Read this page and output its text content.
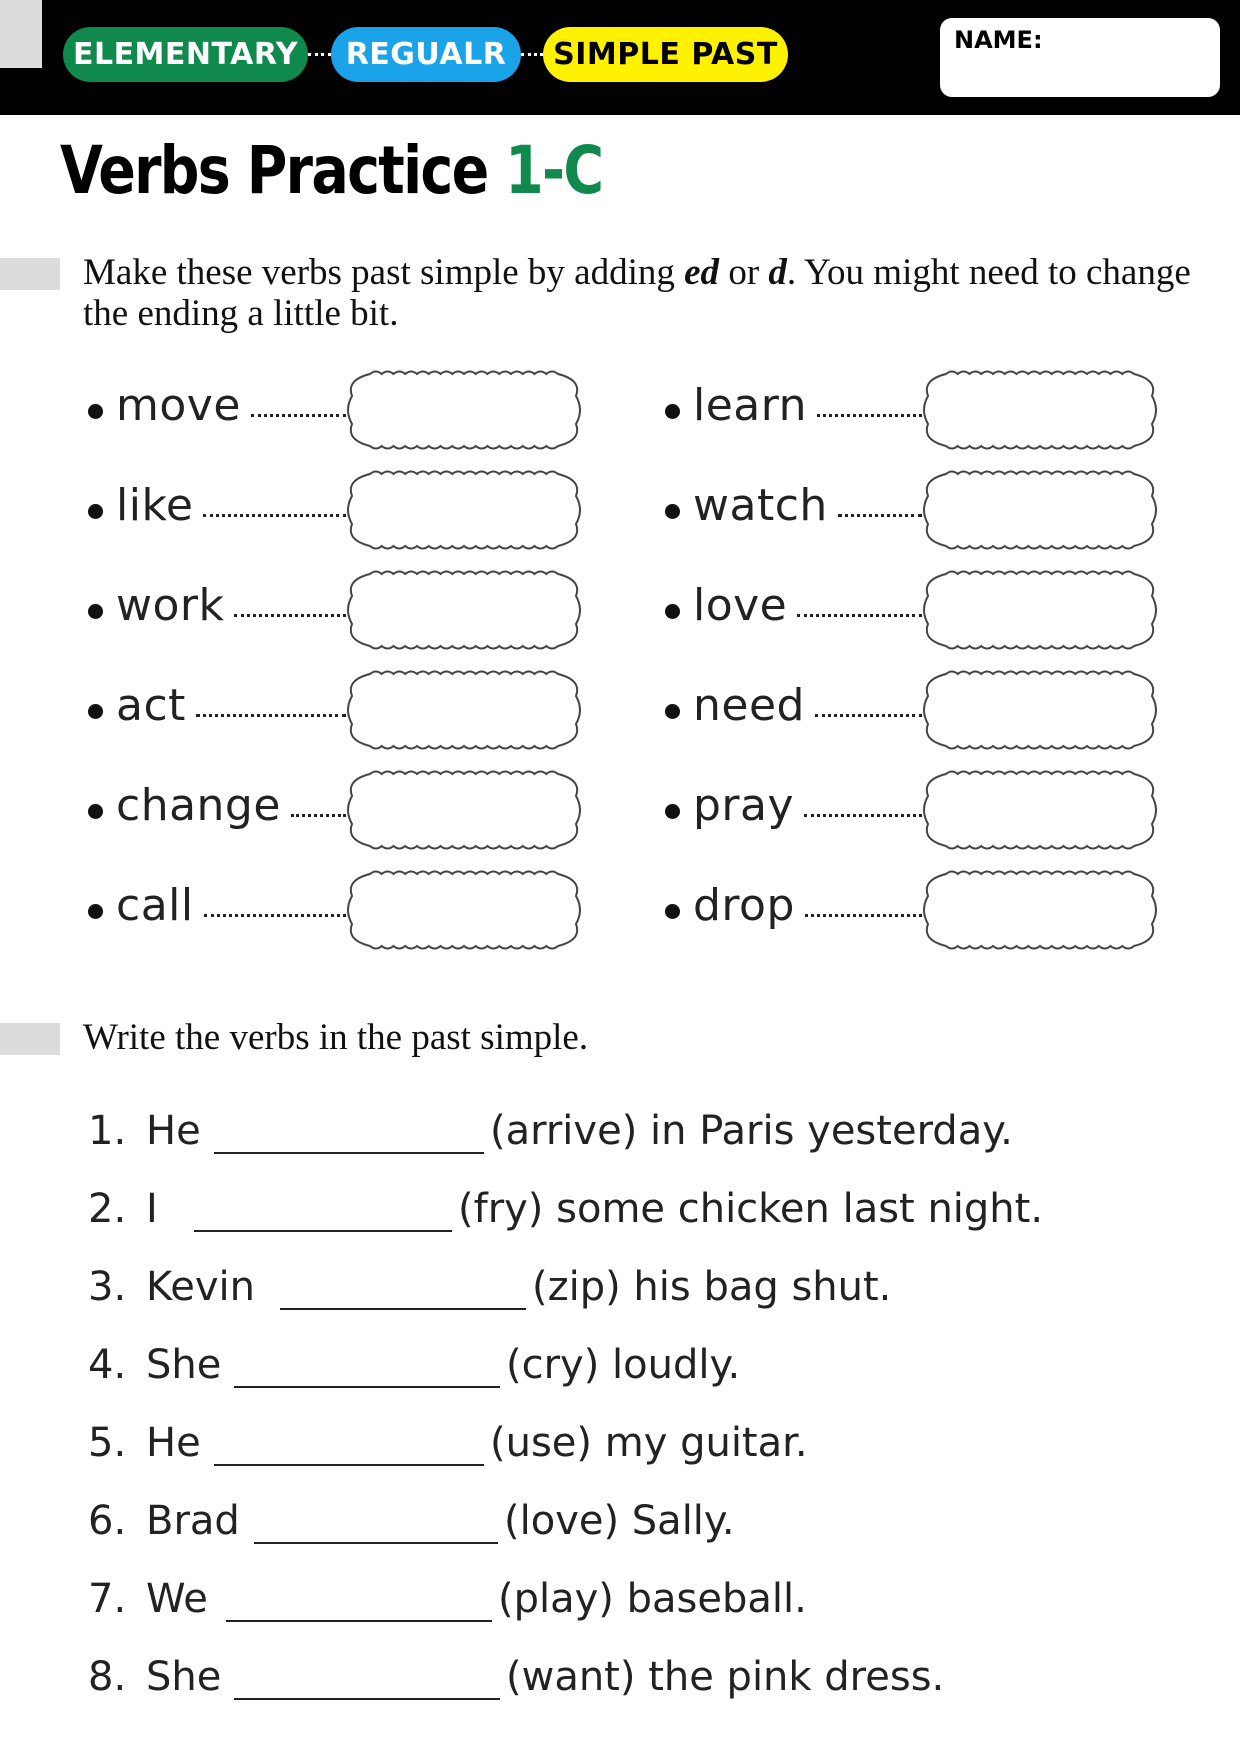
ELEMENTARY	REGUALR	SIMPLE PAST	NAME:
Verbs Practice 1-C

Make these verbs past simple by adding ed or d. You might need to change the ending a little bit.

move
like
work
act
change
call
learn
watch
love
need
pray
drop

Write the verbs in the past simple.

1. He	(arrive) in Paris yesterday.
2. I	(fry) some chicken last night.
3. Kevin	(zip) his bag shut.
4. She	(cry) loudly.
5. He	(use) my guitar.
6. Brad	(love) Sally.
7. We	(play) baseball.
8. She	(want) the pink dress.
